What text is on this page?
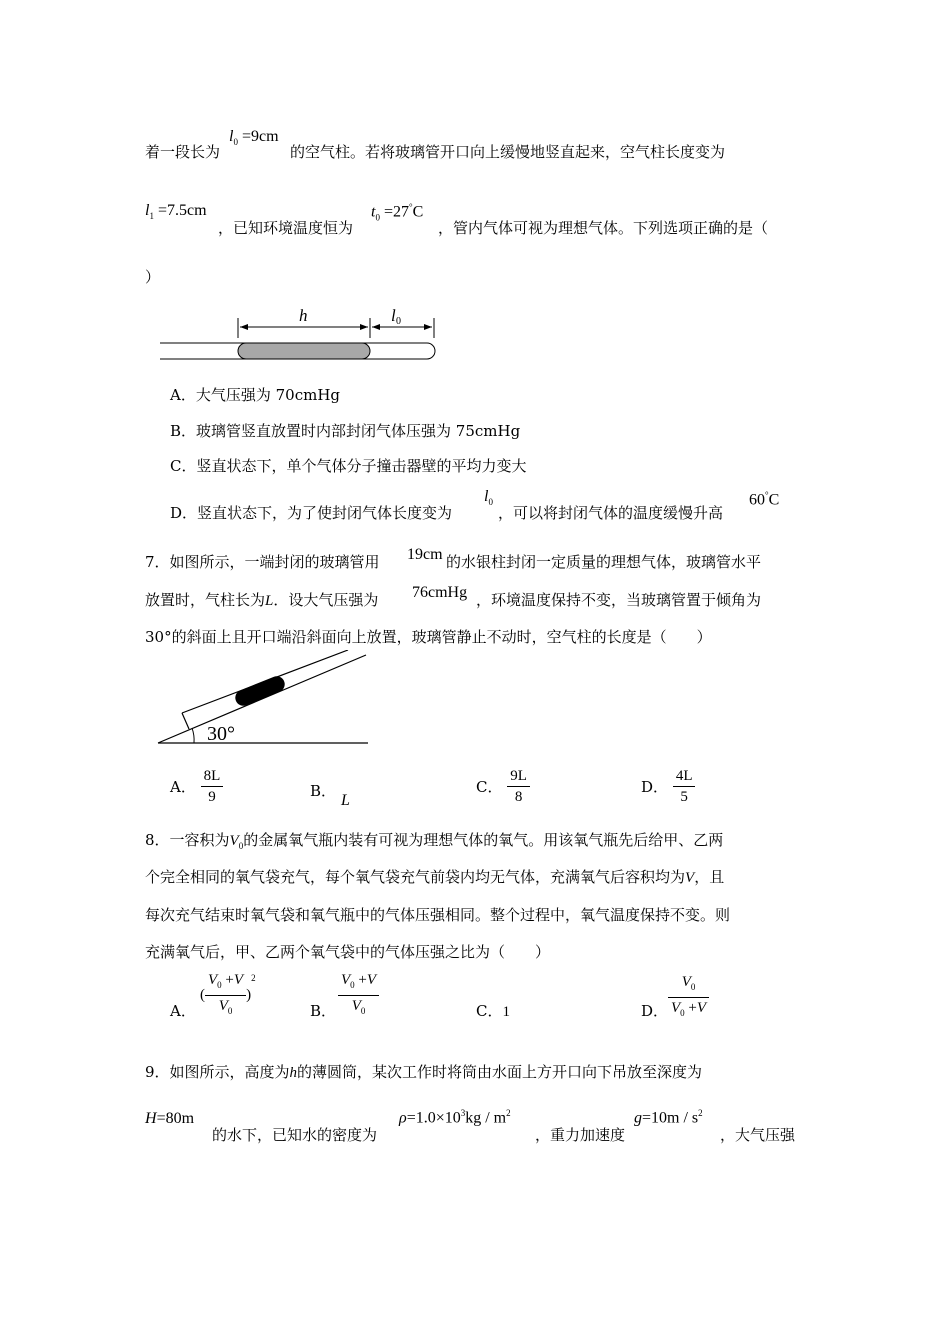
着一段长为
$l_0 =9cm$
的空气柱。若将玻璃管开口向上缓慢地竖直起来，空气柱长度变为
$l_1 =7.5cm$
，已知环境温度恒为
$t_0 =27^\circ C$
，管内气体可视为理想气体。下列选项正确的是（
）
h	l 0
A．大气压强为 70cmHg
B．玻璃管竖直放置时内部封闭气体压强为 75cmHg
C．竖直状态下，单个气体分子撞击器壁的平均力变大
D．竖直状态下，为了使封闭气体长度变为
$l_0$
，可以将封闭气体的温度缓慢升高
60°C
7．如图所示，一端封闭的玻璃管用 19cm 的水银柱封闭一定质量的理想气体，玻璃管水平
放置时，气柱长为L．设大气压强为 76cmHg ，环境温度保持不变，当玻璃管置于倾角为
30°的斜面上且开口端沿斜面向上放置，玻璃管静止不动时，空气柱的长度是（　　）
30°
A． $\frac{8L}{9}$	B．
L
C． $\frac{9L}{8}$	D． $\frac{4L}{5}$
8．一容积为$V_0$的金属氧气瓶内装有可视为理想气体的氧气。用该氧气瓶先后给甲、乙两
个完全相同的氧气袋充气，每个氧气袋充气前袋内均无气体，充满氧气后容积均为V，且
每次充气结束时氧气袋和氧气瓶中的气体压强相同。整个过程中，氧气温度保持不变。则
充满氧气后，甲、乙两个氧气袋中的气体压强之比为（　　）
A．
( $\frac{V_0 +V}{V_0} )^2$
B． $\frac{V_0 +V}{V_0}$	C．1	D． $\frac{V_0}{V_0 +V}$
9．如图所示，高度为h的薄圆筒，某次工作时将筒由水面上方开口向下吊放至深度为
H=80m
的水下，已知水的密度为
$\rho=1.0\times 10^3kg / m^2$
，重力加速度
$g=10m / s^2$
，大气压强
